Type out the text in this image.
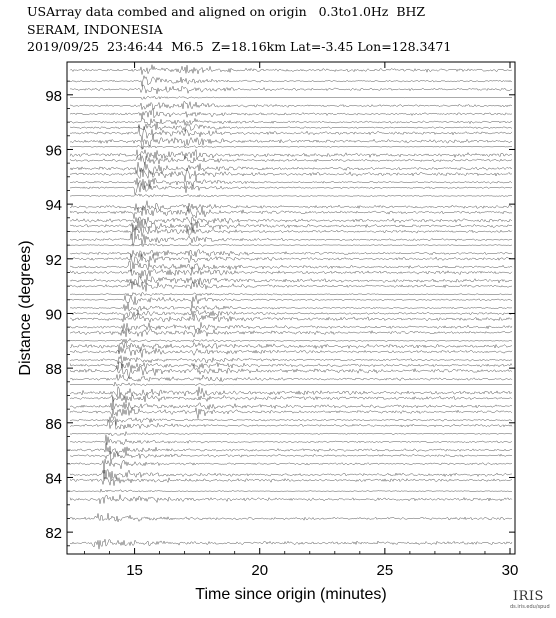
USArray data combed and aligned on origin   0.3to1.0Hz  BHZ
SERAM, INDONESIA
2019/09/25  23:46:44  M6.5  Z=18.16km Lat=-3.45 Lon=128.3471
82
84
86
88
90
92
94
96
98
15	20	25	30
Time since origin (minutes)
Distance (degrees)
IRIS
ds.iris.edu/spud
